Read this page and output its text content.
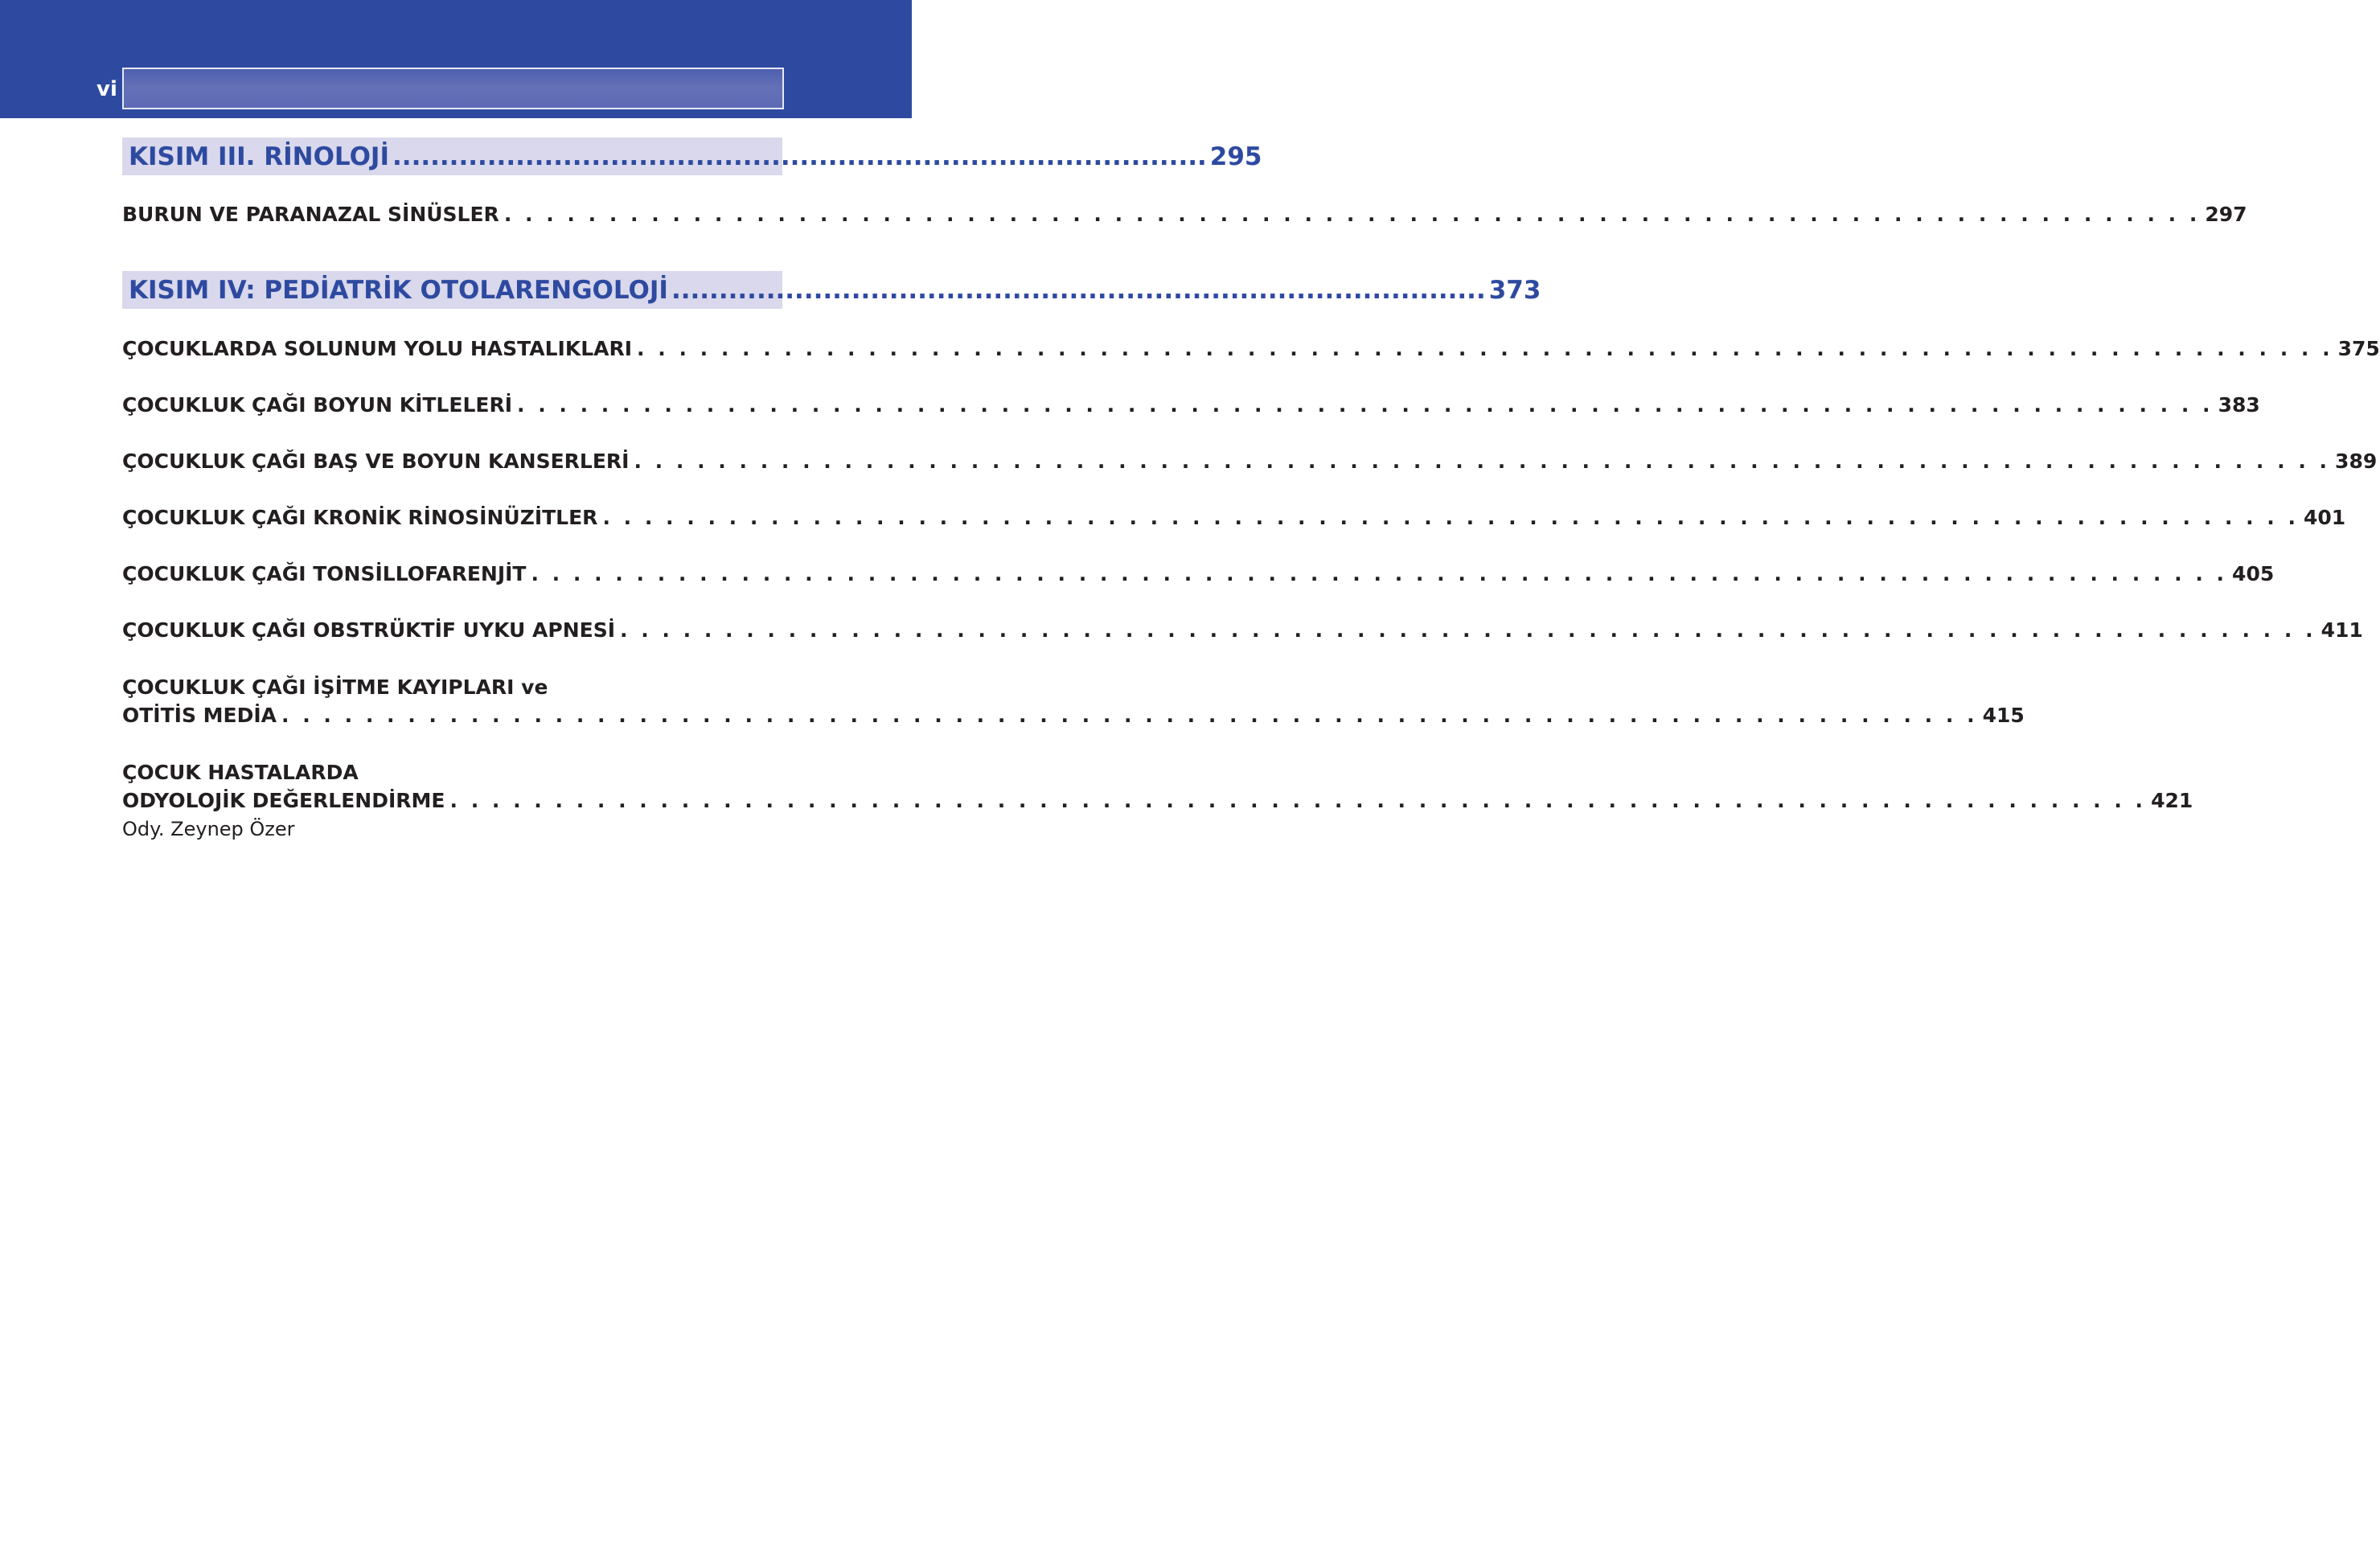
vi
KISIM III. RİNOLOJİ ...................................................................................... 295
BURUN VE PARANAZAL SİNÜSLER . . . . . . . . . . . . . . . . . . . . . . . . . . . . . . . . . . . . . . . . . . . . . . . . . . . . . . . . . . . . . . . . . . . . . . . . . . . . . . . . . 297
KISIM IV: PEDİATRİK OTOLARENGOLOJİ ...................................................................................... 373
ÇOCUKLARDA SOLUNUM YOLU HASTALIKLARI . . . . . . . . . . . . . . . . . . . . . . . . . . . . . . . . . . . . . . . . . . . . . . . . . . . . . . . . . . . . . . . . . . . . . . . . . . . . . . . . . 375
ÇOCUKLUK ÇAĞI BOYUN KİTLELERİ . . . . . . . . . . . . . . . . . . . . . . . . . . . . . . . . . . . . . . . . . . . . . . . . . . . . . . . . . . . . . . . . . . . . . . . . . . . . . . . . . 383
ÇOCUKLUK ÇAĞI BAŞ VE BOYUN KANSERLERİ . . . . . . . . . . . . . . . . . . . . . . . . . . . . . . . . . . . . . . . . . . . . . . . . . . . . . . . . . . . . . . . . . . . . . . . . . . . . . . . . . 389
ÇOCUKLUK ÇAĞI KRONİK RİNOSİNÜZİTLER . . . . . . . . . . . . . . . . . . . . . . . . . . . . . . . . . . . . . . . . . . . . . . . . . . . . . . . . . . . . . . . . . . . . . . . . . . . . . . . . . 401
ÇOCUKLUK ÇAĞI TONSİLLOFARENJİT . . . . . . . . . . . . . . . . . . . . . . . . . . . . . . . . . . . . . . . . . . . . . . . . . . . . . . . . . . . . . . . . . . . . . . . . . . . . . . . . . 405
ÇOCUKLUK ÇAĞI OBSTRÜKTİF UYKU APNESİ . . . . . . . . . . . . . . . . . . . . . . . . . . . . . . . . . . . . . . . . . . . . . . . . . . . . . . . . . . . . . . . . . . . . . . . . . . . . . . . . . 411
ÇOCUKLUK ÇAĞI İŞİTME KAYIPLARI ve
OTİTİS MEDİA . . . . . . . . . . . . . . . . . . . . . . . . . . . . . . . . . . . . . . . . . . . . . . . . . . . . . . . . . . . . . . . . . . . . . . . . . . . . . . . . . 415
ÇOCUK HASTALARDA
ODYOLOJİK DEĞERLENDİRME . . . . . . . . . . . . . . . . . . . . . . . . . . . . . . . . . . . . . . . . . . . . . . . . . . . . . . . . . . . . . . . . . . . . . . . . . . . . . . . . . 421
Ody. Zeynep Özer
